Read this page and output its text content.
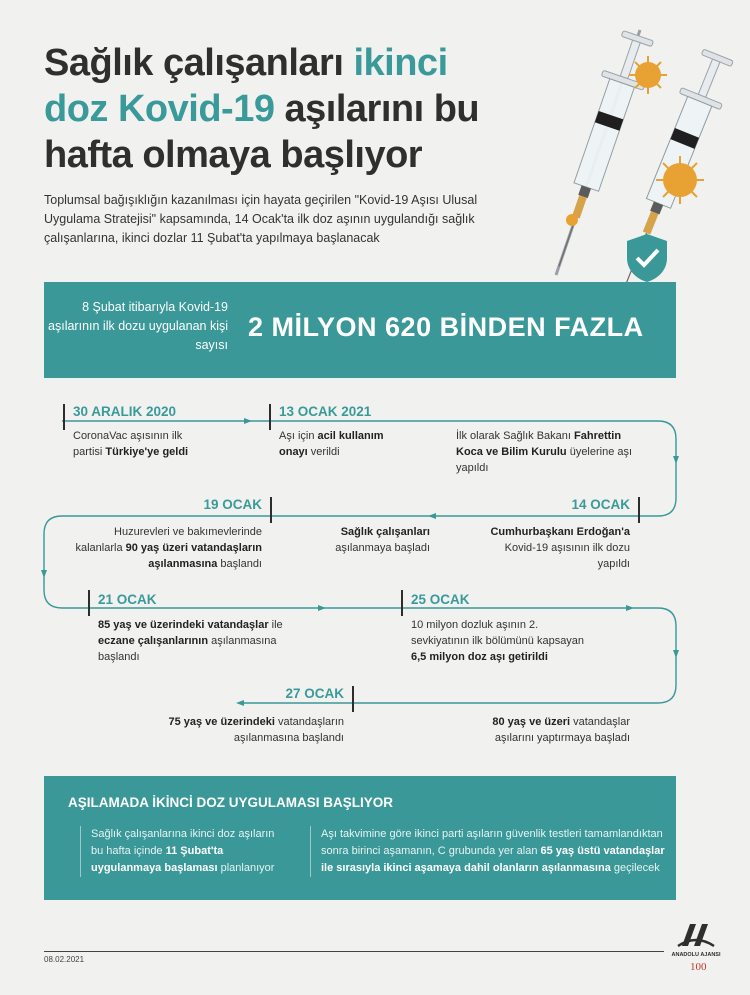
Sağlık çalışanları ikinci
doz Kovid-19 aşılarını bu
hafta olmaya başlıyor
Toplumsal bağışıklığın kazanılması için hayata geçirilen "Kovid-19 Aşısı Ulusal Uygulama Stratejisi" kapsamında, 14 Ocak'ta ilk doz aşının uygulandığı sağlık çalışanlarına, ikinci dozlar 11 Şubat'ta yapılmaya başlanacak
8 Şubat itibarıyla Kovid-19 aşılarının ilk dozu uygulanan kişi sayısı
2 MİLYON 620 BİNDEN FAZLA
30 ARALIK 2020
CoronaVac aşısının ilk partisi Türkiye'ye geldi
13 OCAK 2021
Aşı için acil kullanım onayı verildi
İlk olarak Sağlık Bakanı Fahrettin Koca ve Bilim Kurulu üyelerine aşı yapıldı
19 OCAK
Huzurevleri ve bakımevlerinde kalanlarla 90 yaş üzeri vatandaşların aşılanmasına başlandı
14 OCAK
Sağlık çalışanları aşılanmaya başladı
Cumhurbaşkanı Erdoğan'a Kovid-19 aşısının ilk dozu yapıldı
21 OCAK
85 yaş ve üzerindeki vatandaşlar ile eczane çalışanlarının aşılanmasına başlandı
25 OCAK
10 milyon dozluk aşının 2. sevkiyatının ilk bölümünü kapsayan 6,5 milyon doz aşı getirildi
27 OCAK
75 yaş ve üzerindeki vatandaşların aşılanmasına başlandı
80 yaş ve üzeri vatandaşlar aşılarını yaptırmaya başladı
AŞILAMADA İKİNCİ DOZ UYGULAMASI BAŞLIYOR
Sağlık çalışanlarına ikinci doz aşıların bu hafta içinde 11 Şubat'ta uygulanmaya başlaması planlanıyor
Aşı takvimine göre ikinci parti aşıların güvenlik testleri tamamlandıktan sonra birinci aşamanın, C grubunda yer alan 65 yaş üstü vatandaşlar ile sırasıyla ikinci aşamaya dahil olanların aşılanmasına geçilecek
08.02.2021	ANADOLU AJANSI
100
